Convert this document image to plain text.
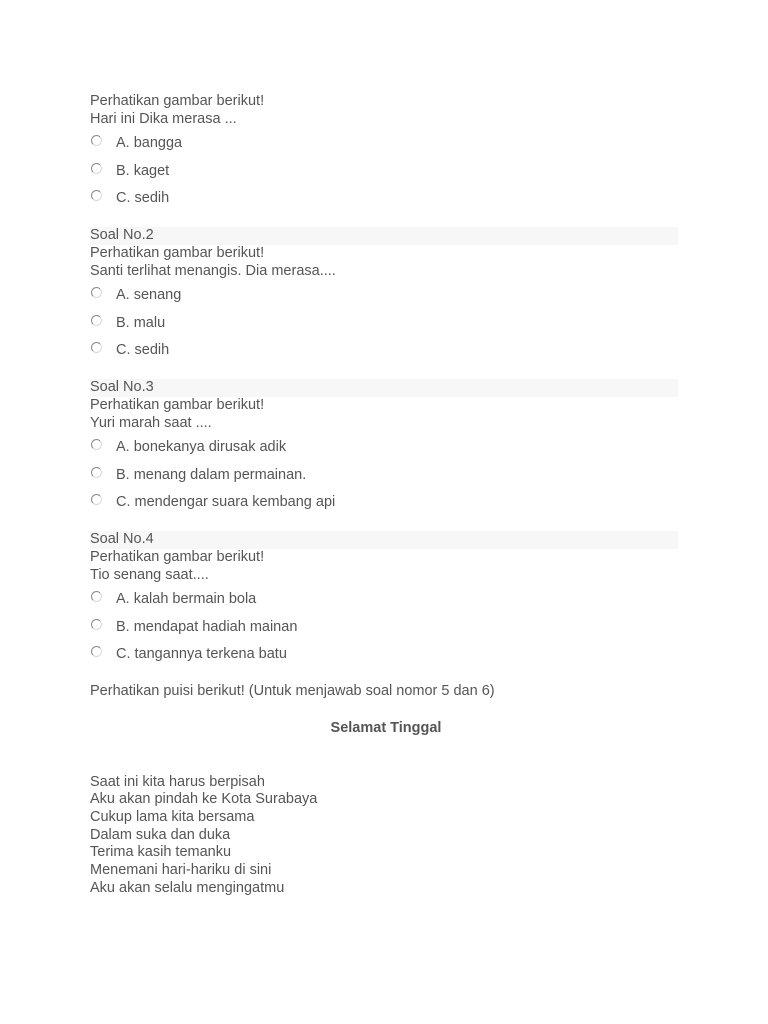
Perhatikan gambar berikut!
Hari ini Dika merasa ...
A. bangga
B. kaget
C. sedih
Soal No.2
Perhatikan gambar berikut!
Santi terlihat menangis. Dia merasa....
A. senang
B. malu
C. sedih
Soal No.3
Perhatikan gambar berikut!
Yuri marah saat ....
A. bonekanya dirusak adik
B. menang dalam permainan.
C. mendengar suara kembang api
Soal No.4
Perhatikan gambar berikut!
Tio senang saat....
A. kalah bermain bola
B. mendapat hadiah mainan
C. tangannya terkena batu
Perhatikan puisi berikut! (Untuk menjawab soal nomor 5 dan 6)
Selamat Tinggal
Saat ini kita harus berpisah
Aku akan pindah ke Kota Surabaya
Cukup lama kita bersama
Dalam suka dan duka
Terima kasih temanku
Menemani hari-hariku di sini
Aku akan selalu mengingatmu
